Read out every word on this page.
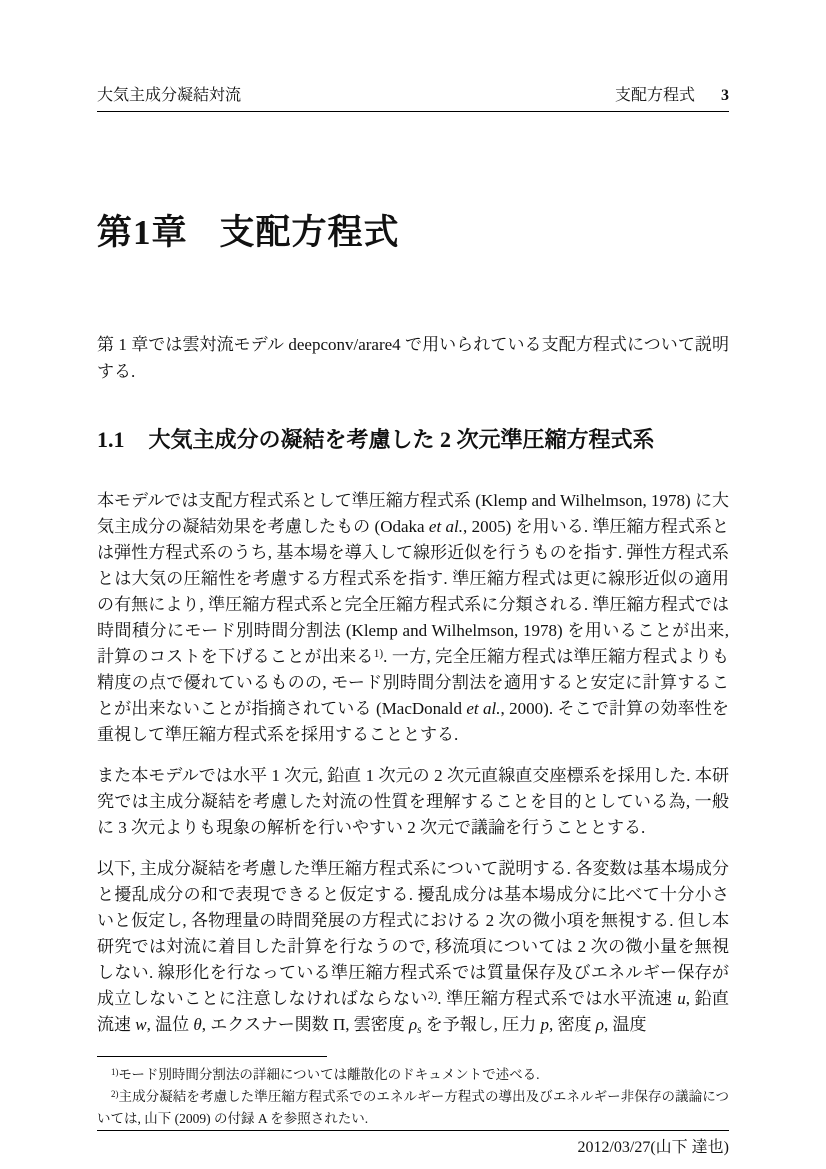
大気主成分凝結対流	支配方程式 3
第1章 支配方程式

第 1 章では雲対流モデル deepconv/arare4 で用いられている支配方程式について説明する.

1.1 大気主成分の凝結を考慮した 2 次元準圧縮方程式系

本モデルでは支配方程式系として準圧縮方程式系 (Klemp and Wilhelmson, 1978) に大気主成分の凝結効果を考慮したもの (Odaka et al., 2005) を用いる. 準圧縮方程式系とは弾性方程式系のうち, 基本場を導入して線形近似を行うものを指す. 弾性方程式系とは大気の圧縮性を考慮する方程式系を指す. 準圧縮方程式は更に線形近似の適用の有無により, 準圧縮方程式系と完全圧縮方程式系に分類される. 準圧縮方程式では時間積分にモード別時間分割法 (Klemp and Wilhelmson, 1978) を用いることが出来, 計算のコストを下げることが出来る$^{1)}$. 一方, 完全圧縮方程式は準圧縮方程式よりも精度の点で優れているものの, モード別時間分割法を適用すると安定に計算することが出来ないことが指摘されている (MacDonald et al., 2000). そこで計算の効率性を重視して準圧縮方程式系を採用することとする.

また本モデルでは水平 1 次元, 鉛直 1 次元の 2 次元直線直交座標系を採用した. 本研究では主成分凝結を考慮した対流の性質を理解することを目的としている為, 一般に 3 次元よりも現象の解析を行いやすい 2 次元で議論を行うこととする.

以下, 主成分凝結を考慮した準圧縮方程式系について説明する. 各変数は基本場成分と擾乱成分の和で表現できると仮定する. 擾乱成分は基本場成分に比べて十分小さいと仮定し, 各物理量の時間発展の方程式における 2 次の微小項を無視する. 但し本研究では対流に着目した計算を行なうので, 移流項については 2 次の微小量を無視しない. 線形化を行なっている準圧縮方程式系では質量保存及びエネルギー保存が成立しないことに注意しなければならない$^{2)}$. 準圧縮方程式系では水平流速 u, 鉛直流速 w, 温位 θ, エクスナー関数 Π, 雲密度 ρs を予報し, 圧力 p, 密度 ρ, 温度

$^{1)}$モード別時間分割法の詳細については離散化のドキュメントで述べる.

$^{2)}$主成分凝結を考慮した準圧縮方程式系でのエネルギー方程式の導出及びエネルギー非保存の議論については, 山下 (2009) の付録 A を参照されたい.

2012/03/27(山下 達也)
